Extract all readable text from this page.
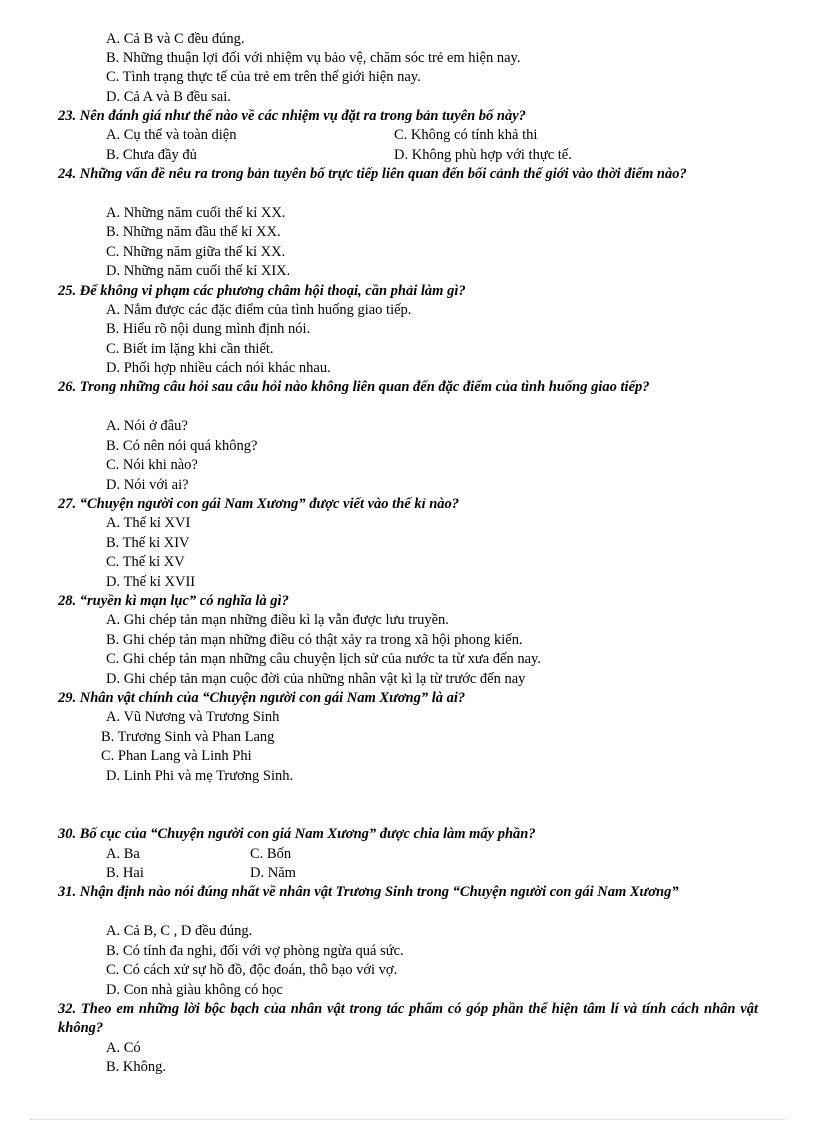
A. Cả B và C đều đúng.
B. Những thuận lợi đối với nhiệm vụ bảo vệ, chăm sóc trẻ em hiện nay.
C. Tình trạng thực tế của trẻ em trên thế giới hiện nay.
D. Cả A và B đều sai.
23. Nên đánh giá như thế nào về các nhiệm vụ đặt ra trong bản tuyên bố này?
A. Cụ thể và toàn diện	C. Không có tính khả thi
B. Chưa đầy đủ	D. Không phù hợp với thực tế.
24. Những vấn đề nêu ra trong bản tuyên bố trực tiếp liên quan đến bối cảnh thế giới vào thời điểm nào?
A. Những năm cuối thế kỉ XX.
B. Những năm đầu thế kỉ XX.
C. Những năm giữa thế kỉ XX.
D. Những năm cuối thế kỉ XIX.
25. Để không vi phạm các phương châm hội thoại, cần phải làm gì?
A. Nắm được các đặc điểm của tình huống giao tiếp.
B. Hiểu rõ nội dung mình định nói.
C. Biết im lặng khi cần thiết.
D. Phối hợp nhiều cách nói khác nhau.
26. Trong những câu hỏi sau câu hỏi nào không liên quan đến đặc điểm của tình huống giao tiếp?
A. Nói ở đâu?
B. Có nên nói quá không?
C. Nói khi nào?
D. Nói với ai?
27. “Chuyện người con gái Nam Xương” được viết vào thế kỉ nào?
A. Thế kỉ XVI
B. Thế kỉ XIV
C. Thế kỉ XV
D. Thế kỉ XVII
28. “ruyền kì mạn lục” có nghĩa là gì?
A. Ghi chép tản mạn những điều kì lạ vẫn được lưu truyền.
B. Ghi chép tản mạn những điều có thật xảy ra trong xã hội phong kiến.
C. Ghi chép tản mạn những câu chuyện lịch sử của nước ta từ xưa đến nay.
D. Ghi chép tản mạn cuộc đời của những nhân vật kì lạ từ trước đến nay
29. Nhân vật chính của “Chuyện người con gái Nam Xương” là ai?
A. Vũ Nương và Trương Sinh
B. Trương Sinh và Phan Lang
C. Phan Lang và Linh Phi
D. Linh Phi và mẹ Trương Sinh.
30. Bố cục của “Chuyện người con giá Nam Xương” được chia làm mấy phần?
A. Ba	C. Bốn
B. Hai	D. Năm
31. Nhận định nào nói đúng nhất về nhân vật Trương Sinh trong “Chuyện người con gái Nam Xương”
A. Cả B, C , D đều đúng.
B. Có tính đa nghi, đối với vợ phòng ngừa quá sức.
C. Có cách xử sự hồ đồ, độc đoán, thô bạo với vợ.
D. Con nhà giàu không có học
32. Theo em những lời bộc bạch của nhân vật trong tác phẩm có góp phần thể hiện tâm lí và tính cách nhân vật không?
A. Có
B. Không.
